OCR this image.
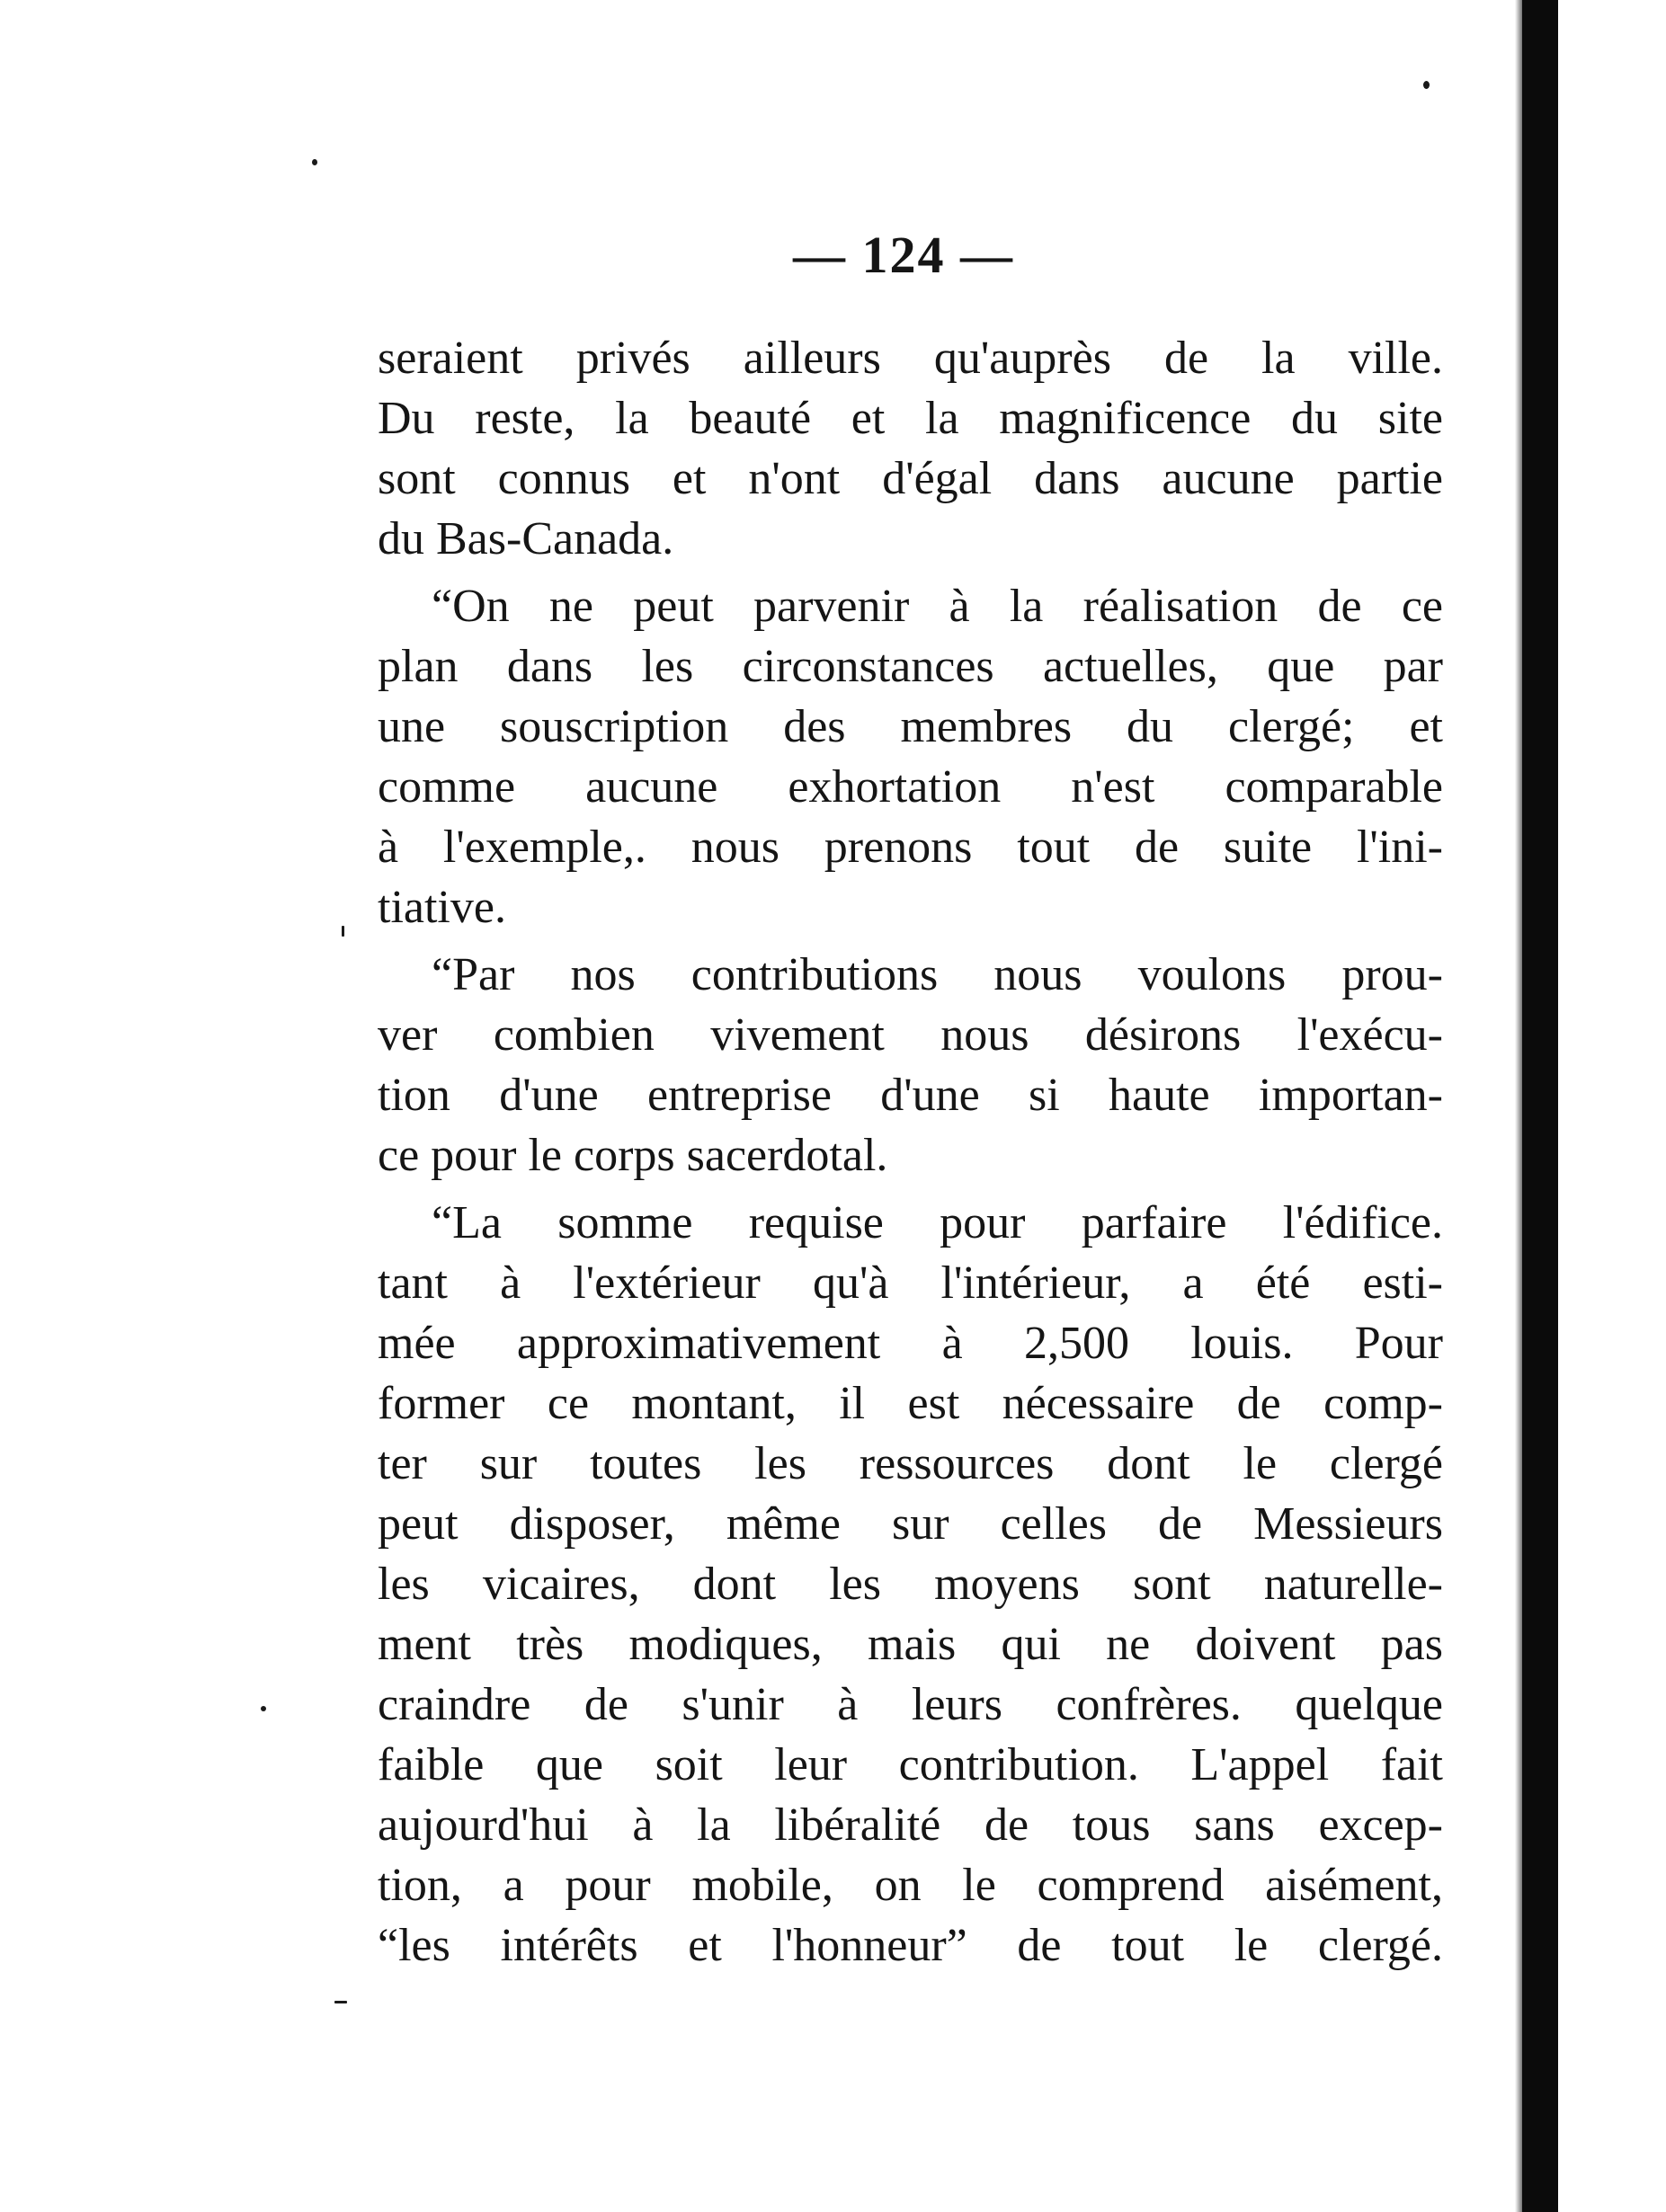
— 124 —
seraient privés ailleurs qu'auprès de la ville.
Du reste, la beauté et la magnificence du site
sont connus et n'ont d'égal dans aucune partie
du Bas-Canada.
“On ne peut parvenir à la réalisation de ce
plan dans les circonstances actuelles, que par
une souscription des membres du clergé; et
comme aucune exhortation n'est comparable
à l'exemple,. nous prenons tout de suite l'ini-
tiative.
“Par nos contributions nous voulons prou-
ver combien vivement nous désirons l'exécu-
tion d'une entreprise d'une si haute importan-
ce pour le corps sacerdotal.
“La somme requise pour parfaire l'édifice.
tant à l'extérieur qu'à l'intérieur, a été esti-
mée approximativement à 2,500 louis. Pour
former ce montant, il est nécessaire de comp-
ter sur toutes les ressources dont le clergé
peut disposer, même sur celles de Messieurs
les vicaires, dont les moyens sont naturelle-
ment très modiques, mais qui ne doivent pas
craindre de s'unir à leurs confrères. quelque
faible que soit leur contribution. L'appel fait
aujourd'hui à la libéralité de tous sans excep-
tion, a pour mobile, on le comprend aisément,
“les intérêts et l'honneur” de tout le clergé.
